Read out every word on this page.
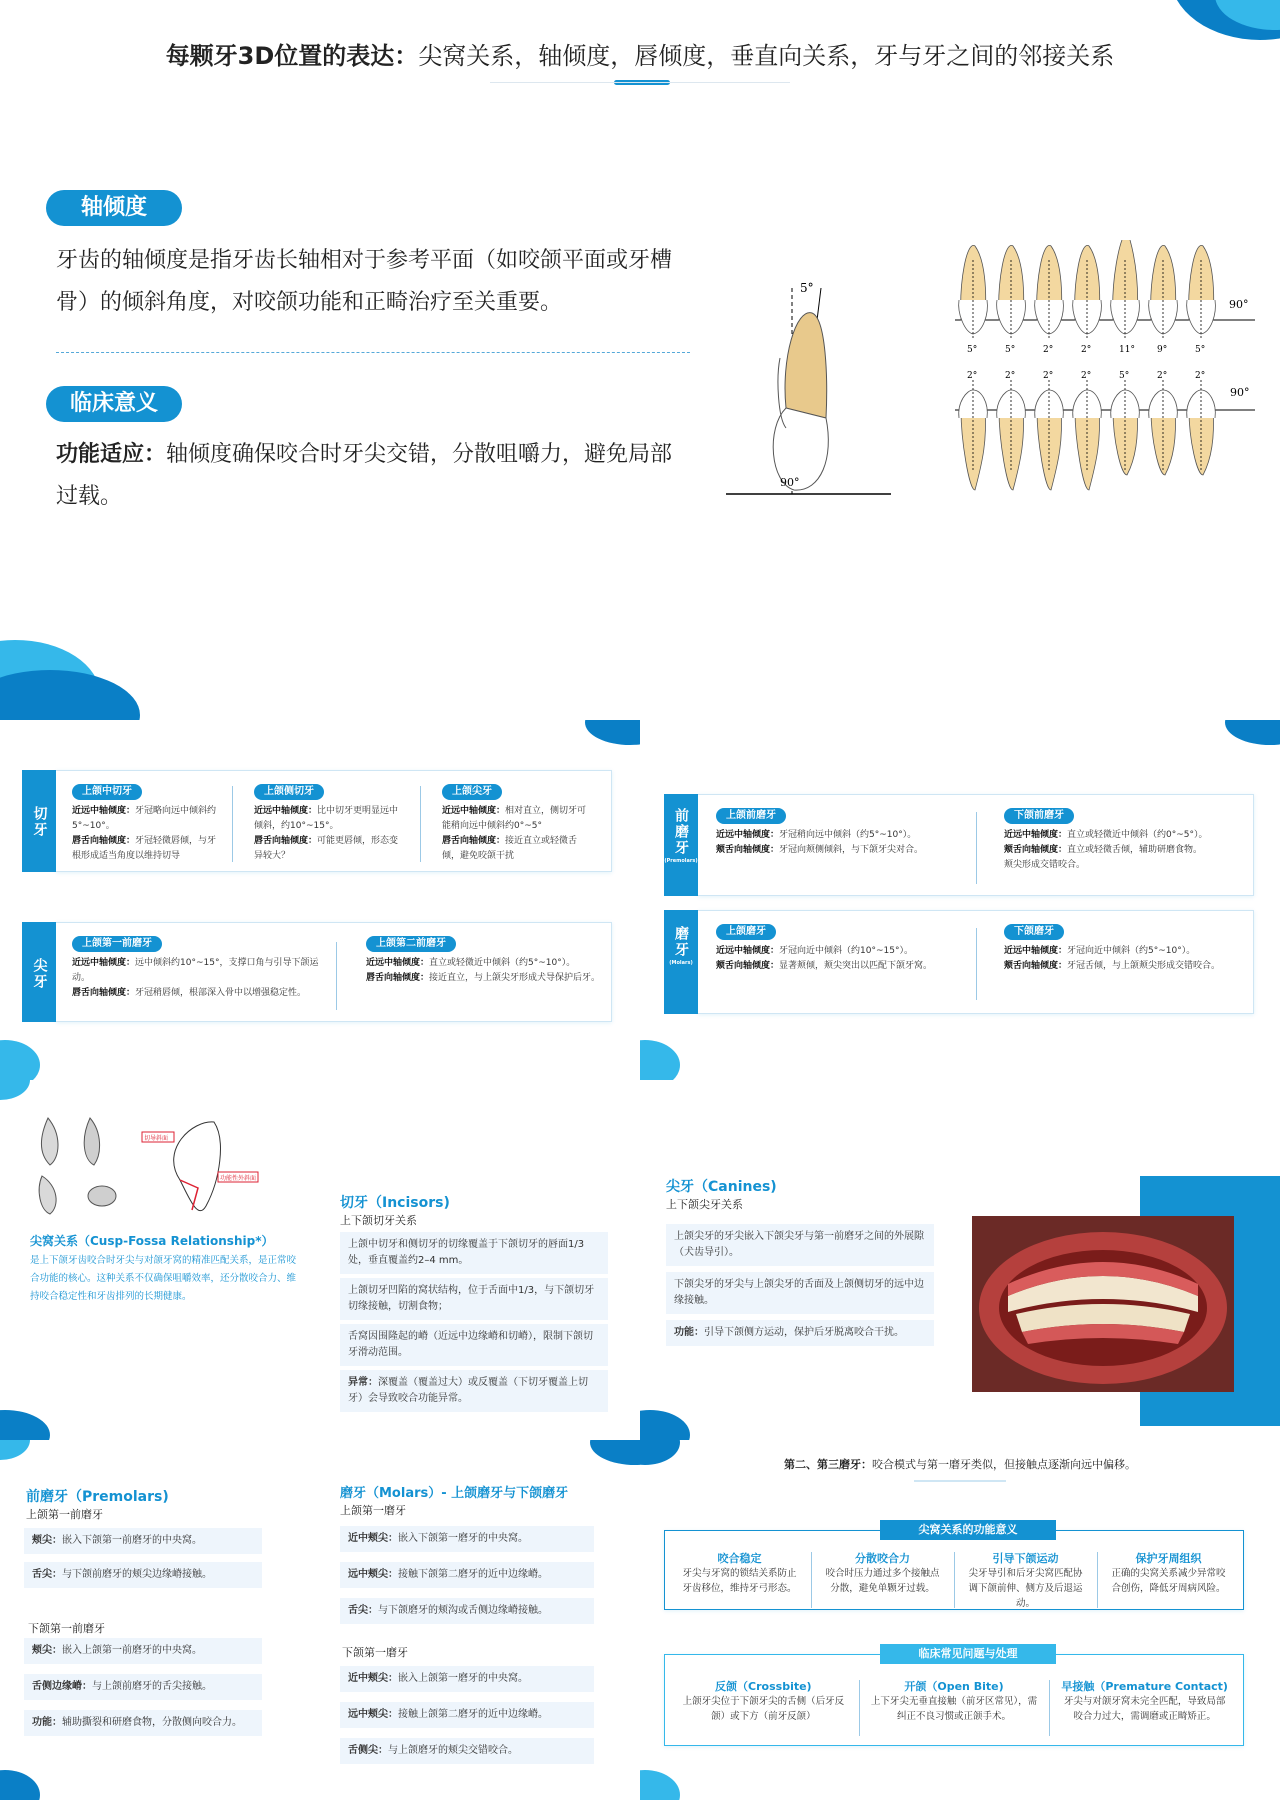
每颗牙3D位置的表达：尖窝关系，轴倾度，唇倾度，垂直向关系，牙与牙之间的邻接关系
轴倾度
牙齿的轴倾度是指牙齿长轴相对于参考平面（如咬颌平面或牙槽骨）的倾斜角度，对咬颌功能和正畸治疗至关重要。
临床意义
功能适应：轴倾度确保咬合时牙尖交错，分散咀嚼力，避免局部过载。
5°
90°
5°	5°	2°	2°	11° 9°	5°
2°	2°	2°	2°	5°	2°	2°
90°
90°
切牙
尖牙
上颌中切牙
近远中轴倾度：牙冠略向远中倾斜约5°~10°。
唇舌向轴倾度：牙冠轻微唇倾，与牙根形成适当角度以维持切导
上颌侧切牙
近远中轴倾度：比中切牙更明显远中倾斜，约10°~15°。
唇舌向轴倾度：可能更唇倾，形态变异较大？
上颌尖牙
近远中轴倾度：相对直立，侧切牙可能稍向远中倾斜约0°~5°
唇舌向轴倾度：接近直立或轻微舌倾，避免咬颌干扰
上颌第一前磨牙
近远中轴倾度：远中倾斜约10°~15°，支撑口角与引导下颌运动。
唇舌向轴倾度：牙冠稍唇倾，根部深入骨中以增强稳定性。
上颌第二前磨牙
近远中轴倾度：直立或轻微近中倾斜（约5°~10°）。
唇舌向轴倾度：接近直立，与上颌尖牙形成犬导保护后牙。
前磨牙
(Premolars)
磨牙
(Molars)
上颌前磨牙
近远中轴倾度：牙冠稍向远中倾斜（约5°~10°）。
颊舌向轴倾度：牙冠向颊侧倾斜，与下颌牙尖对合。
下颌前磨牙
近远中轴倾度：直立或轻微近中倾斜（约0°~5°）。
颊舌向轴倾度：直立或轻微舌倾，辅助研磨食物。
颊尖形成交错咬合。
上颌磨牙
近远中轴倾度：牙冠向近中倾斜（约10°~15°）。
颊舌向轴倾度：显著颊倾，颊尖突出以匹配下颌牙窝。
下颌磨牙
近远中轴倾度：牙冠向近中倾斜（约5°~10°）。
颊舌向轴倾度：牙冠舌倾，与上颌颊尖形成交错咬合。
切导斜面
功能性外斜面
尖窝关系（Cusp-Fossa Relationship*）
是上下颌牙齿咬合时牙尖与对颌牙窝的精准匹配关系，是正常咬合功能的核心。这种关系不仅确保咀嚼效率，还分散咬合力、维持咬合稳定性和牙齿排列的长期健康。
切牙（Incisors)
上下颌切牙关系
上颌中切牙和侧切牙的切缘覆盖于下颌切牙的唇面1/3处，垂直覆盖约2–4 mm。
上颌切牙凹陷的窝状结构，位于舌面中1/3，与下颌切牙切缘接触，切割食物；
舌窝因围隆起的嵴（近远中边缘嵴和切嵴），限制下颌切牙滑动范围。
异常：深覆盖（覆盖过大）或反覆盖（下切牙覆盖上切牙）会导致咬合功能异常。
尖牙（Canines)
上下颌尖牙关系
上颌尖牙的牙尖嵌入下颌尖牙与第一前磨牙之间的外展隙（犬齿导引）。
下颌尖牙的牙尖与上颌尖牙的舌面及上颌侧切牙的远中边缘接触。
功能：引导下颌侧方运动，保护后牙脱离咬合干扰。
前磨牙（Premolars)
上颌第一前磨牙
下颌第一前磨牙
颊尖：嵌入下颌第一前磨牙的中央窝。
舌尖：与下颌前磨牙的颊尖边缘嵴接触。
颊尖：嵌入上颌第一前磨牙的中央窝。
舌侧边缘嵴：与上颌前磨牙的舌尖接触。
功能：辅助撕裂和研磨食物，分散侧向咬合力。
磨牙（Molars）- 上颌磨牙与下颌磨牙
上颌第一磨牙
下颌第一磨牙
近中颊尖：嵌入下颌第一磨牙的中央窝。
远中颊尖：接触下颌第二磨牙的近中边缘嵴。
舌尖：与下颌磨牙的颊沟或舌侧边缘嵴接触。
近中颊尖：嵌入上颌第一磨牙的中央窝。
远中颊尖：接触上颌第二磨牙的近中边缘嵴。
舌侧尖：与上颌磨牙的颊尖交错咬合。
第二、第三磨牙：咬合模式与第一磨牙类似，但接触点逐渐向远中偏移。
尖窝关系的功能意义
临床常见问题与处理
咬合稳定
牙尖与牙窝的锁结关系防止牙齿移位，维持牙弓形态。
分散咬合力
咬合时压力通过多个接触点分散，避免单颗牙过载。
引导下颌运动
尖牙导引和后牙尖窝匹配协调下颌前伸、侧方及后退运动。
保护牙周组织
正确的尖窝关系减少异常咬合创伤，降低牙周病风险。
反颌（Crossbite)
上颌牙尖位于下颌牙尖的舌侧（后牙反颌）或下方（前牙反颌）
开颌（Open Bite)
上下牙尖无垂直接触（前牙区常见），需纠正不良习惯或正颌手术。
早接触（Premature Contact)
牙尖与对颌牙窝未完全匹配，导致局部咬合力过大，需调磨或正畸矫正。
